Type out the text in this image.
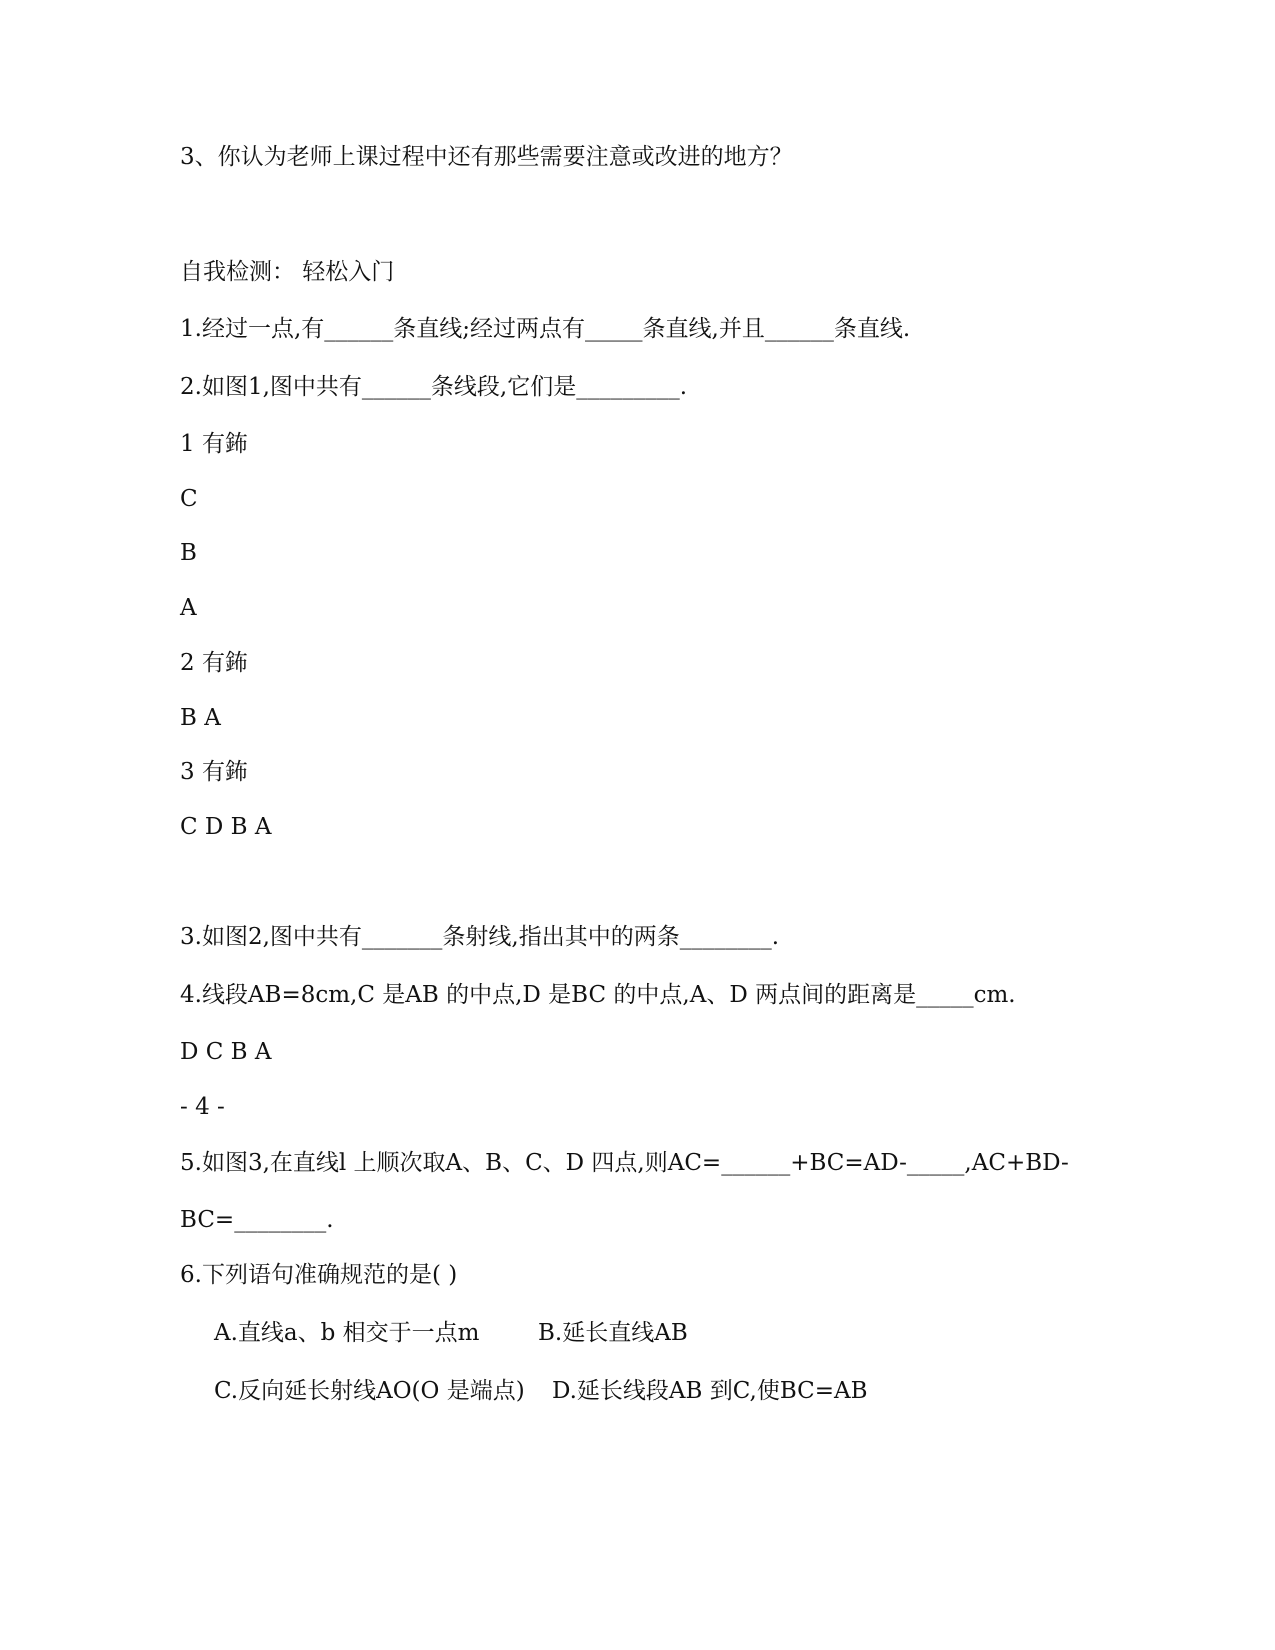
3、你认为老师上课过程中还有那些需要注意或改进的地方？
自我检测： 轻松入门
1.经过一点,有______条直线;经过两点有_____条直线,并且______条直线.
2.如图1,图中共有______条线段,它们是_________.
1 有鈽
C
B
A
2 有鈽
B A
3 有鈽
C D B A
3.如图2,图中共有_______条射线,指出其中的两条________.
4.线段AB=8cm,C 是AB 的中点,D 是BC 的中点,A、D 两点间的距离是_____cm.
D C B A
- 4 -
5.如图3,在直线l 上顺次取A、B、C、D 四点,则AC=______+BC=AD-_____,AC+BD-
BC=________.
6.下列语句准确规范的是( )
A.直线a、b 相交于一点m	B.延长直线AB
C.反向延长射线AO(O 是端点) D.延长线段AB 到C,使BC=AB
